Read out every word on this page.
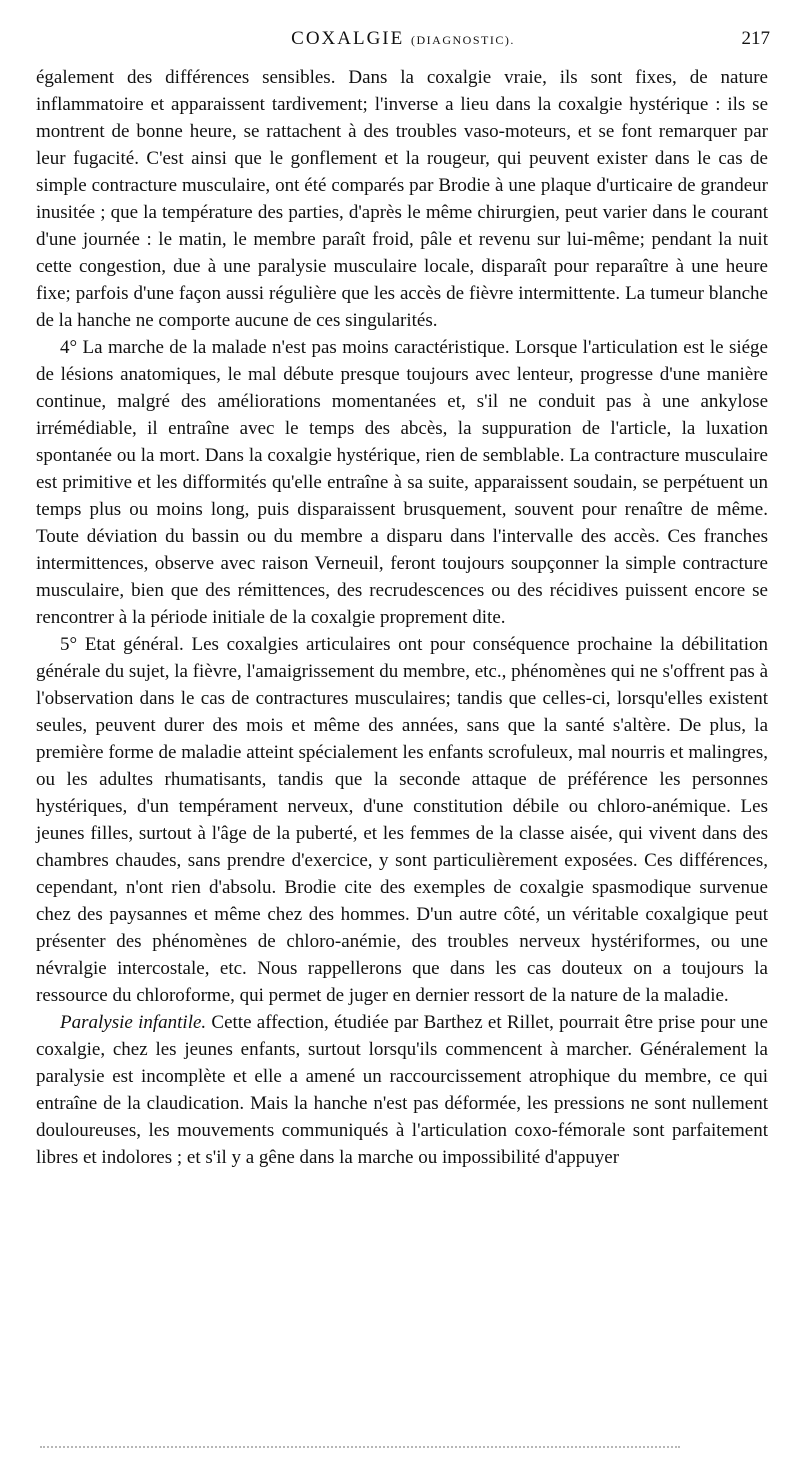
COXALGIE (DIAGNOSTIC).	217

également des différences sensibles. Dans la coxalgie vraie, ils sont fixes, de nature inflammatoire et apparaissent tardivement; l'inverse a lieu dans la coxalgie hystérique : ils se montrent de bonne heure, se rattachent à des troubles vaso-moteurs, et se font remarquer par leur fugacité. C'est ainsi que le gonflement et la rougeur, qui peuvent exister dans le cas de simple contracture musculaire, ont été comparés par Brodie à une plaque d'urticaire de grandeur inusitée ; que la température des parties, d'après le même chirurgien, peut varier dans le courant d'une journée : le matin, le membre paraît froid, pâle et revenu sur lui-même; pendant la nuit cette congestion, due à une paralysie musculaire locale, disparaît pour reparaître à une heure fixe; parfois d'une façon aussi régulière que les accès de fièvre intermittente. La tumeur blanche de la hanche ne comporte aucune de ces singularités.

4° La marche de la malade n'est pas moins caractéristique. Lorsque l'articulation est le siége de lésions anatomiques, le mal débute presque toujours avec lenteur, progresse d'une manière continue, malgré des améliorations momentanées et, s'il ne conduit pas à une ankylose irrémédiable, il entraîne avec le temps des abcès, la suppuration de l'article, la luxation spontanée ou la mort. Dans la coxalgie hystérique, rien de semblable. La contracture musculaire est primitive et les difformités qu'elle entraîne à sa suite, apparaissent soudain, se perpétuent un temps plus ou moins long, puis disparaissent brusquement, souvent pour renaître de même. Toute déviation du bassin ou du membre a disparu dans l'intervalle des accès. Ces franches intermittences, observe avec raison Verneuil, feront toujours soupçonner la simple contracture musculaire, bien que des rémittences, des recrudescences ou des récidives puissent encore se rencontrer à la période initiale de la coxalgie proprement dite.

5° Etat général. Les coxalgies articulaires ont pour conséquence prochaine la débilitation générale du sujet, la fièvre, l'amaigrissement du membre, etc., phénomènes qui ne s'offrent pas à l'observation dans le cas de contractures musculaires; tandis que celles-ci, lorsqu'elles existent seules, peuvent durer des mois et même des années, sans que la santé s'altère. De plus, la première forme de maladie atteint spécialement les enfants scrofuleux, mal nourris et malingres, ou les adultes rhumatisants, tandis que la seconde attaque de préférence les personnes hystériques, d'un tempérament nerveux, d'une constitution débile ou chloro-anémique. Les jeunes filles, surtout à l'âge de la puberté, et les femmes de la classe aisée, qui vivent dans des chambres chaudes, sans prendre d'exercice, y sont particulièrement exposées. Ces différences, cependant, n'ont rien d'absolu. Brodie cite des exemples de coxalgie spasmodique survenue chez des paysannes et même chez des hommes. D'un autre côté, un véritable coxalgique peut présenter des phénomènes de chloro-anémie, des troubles nerveux hystériformes, ou une névralgie intercostale, etc. Nous rappellerons que dans les cas douteux on a toujours la ressource du chloroforme, qui permet de juger en dernier ressort de la nature de la maladie.

Paralysie infantile. Cette affection, étudiée par Barthez et Rillet, pourrait être prise pour une coxalgie, chez les jeunes enfants, surtout lorsqu'ils commencent à marcher. Généralement la paralysie est incomplète et elle a amené un raccourcissement atrophique du membre, ce qui entraîne de la claudication. Mais la hanche n'est pas déformée, les pressions ne sont nullement douloureuses, les mouvements communiqués à l'articulation coxo-fémorale sont parfaitement libres et indolores ; et s'il y a gêne dans la marche ou impossibilité d'appuyer
